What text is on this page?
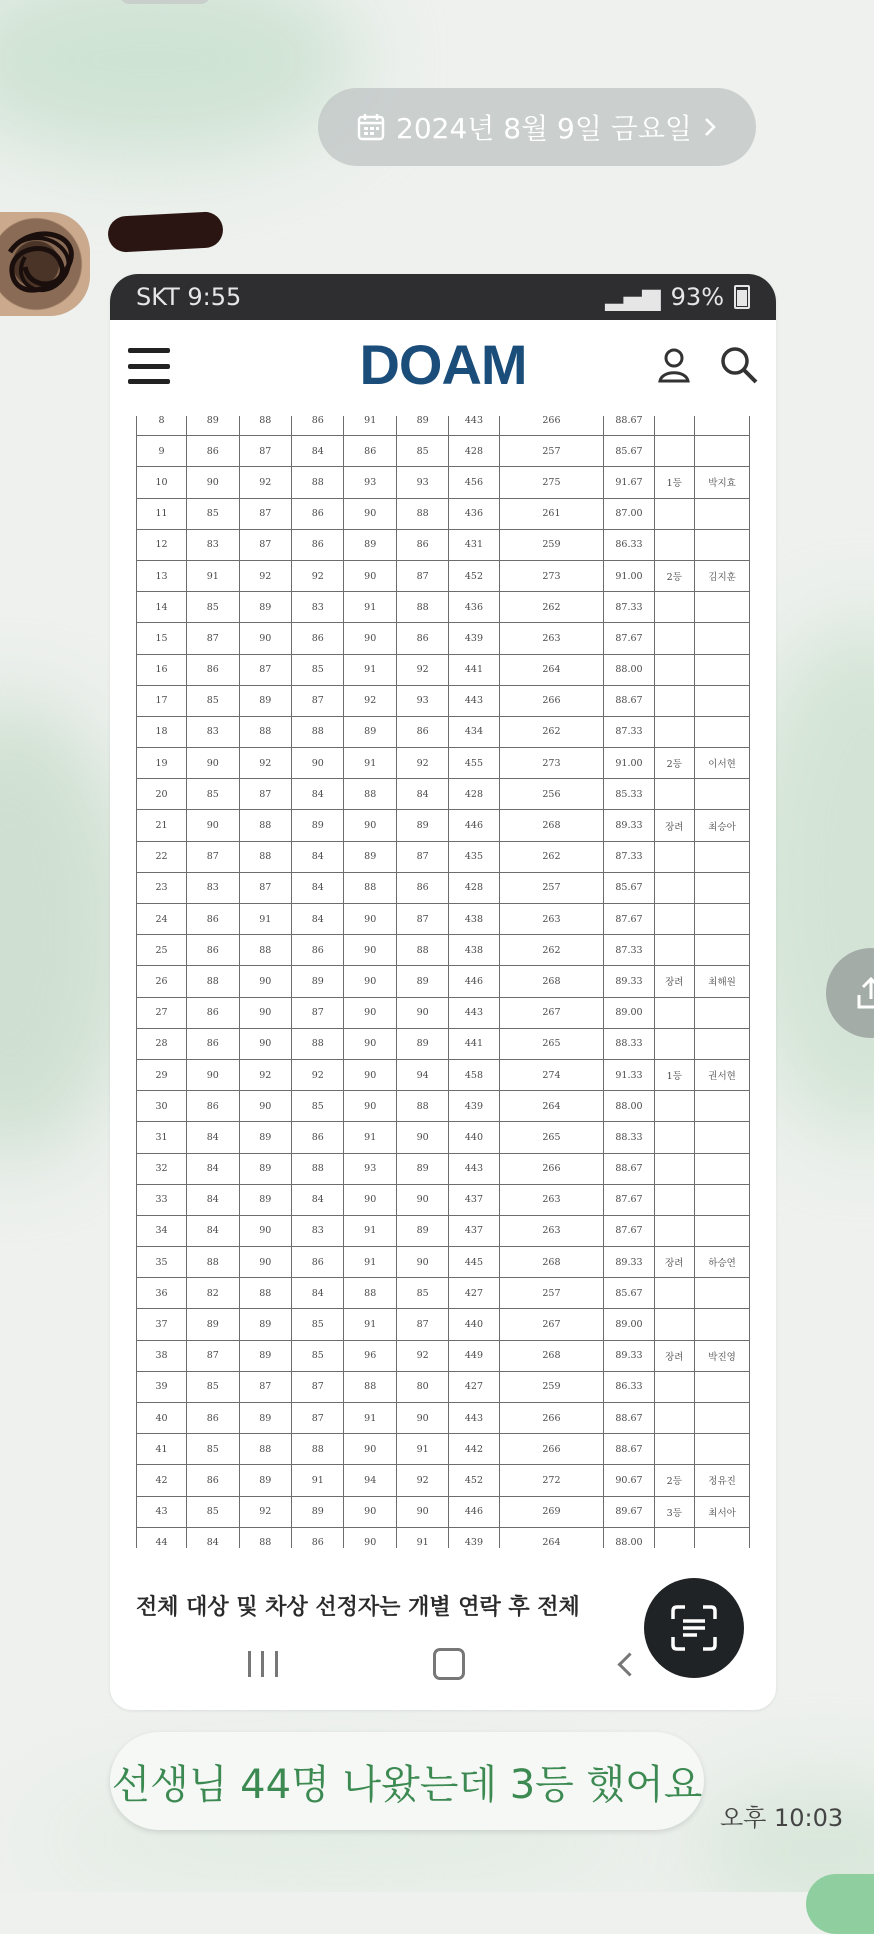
2024년 8월 9일 금요일
SKT 9:55	▂▄▆ 93%
DOAM
8	89	88	86	91	89	443	266	88.67		
9	86	87	84	86	85	428	257	85.67		
10	90	92	88	93	93	456	275	91.67	1등	박지효
11	85	87	86	90	88	436	261	87.00		
12	83	87	86	89	86	431	259	86.33		
13	91	92	92	90	87	452	273	91.00	2등	김지훈
14	85	89	83	91	88	436	262	87.33		
15	87	90	86	90	86	439	263	87.67		
16	86	87	85	91	92	441	264	88.00		
17	85	89	87	92	93	443	266	88.67		
18	83	88	88	89	86	434	262	87.33		
19	90	92	90	91	92	455	273	91.00	2등	이서현
20	85	87	84	88	84	428	256	85.33		
21	90	88	89	90	89	446	268	89.33	장려	최승아
22	87	88	84	89	87	435	262	87.33		
23	83	87	84	88	86	428	257	85.67		
24	86	91	84	90	87	438	263	87.67		
25	86	88	86	90	88	438	262	87.33		
26	88	90	89	90	89	446	268	89.33	장려	최해원
27	86	90	87	90	90	443	267	89.00		
28	86	90	88	90	89	441	265	88.33		
29	90	92	92	90	94	458	274	91.33	1등	권서현
30	86	90	85	90	88	439	264	88.00		
31	84	89	86	91	90	440	265	88.33		
32	84	89	88	93	89	443	266	88.67		
33	84	89	84	90	90	437	263	87.67		
34	84	90	83	91	89	437	263	87.67		
35	88	90	86	91	90	445	268	89.33	장려	하승연
36	82	88	84	88	85	427	257	85.67		
37	89	89	85	91	87	440	267	89.00		
38	87	89	85	96	92	449	268	89.33	장려	박진영
39	85	87	87	88	80	427	259	86.33		
40	86	89	87	91	90	443	266	88.67		
41	85	88	88	90	91	442	266	88.67		
42	86	89	91	94	92	452	272	90.67	2등	정유진
43	85	92	89	90	90	446	269	89.67	3등	최서아
44	84	88	86	90	91	439	264	88.00		
전체 대상 및 차상 선정자는 개별 연락 후 전체
선생님 44명 나왔는데 3등 했어요
오후 10:03
